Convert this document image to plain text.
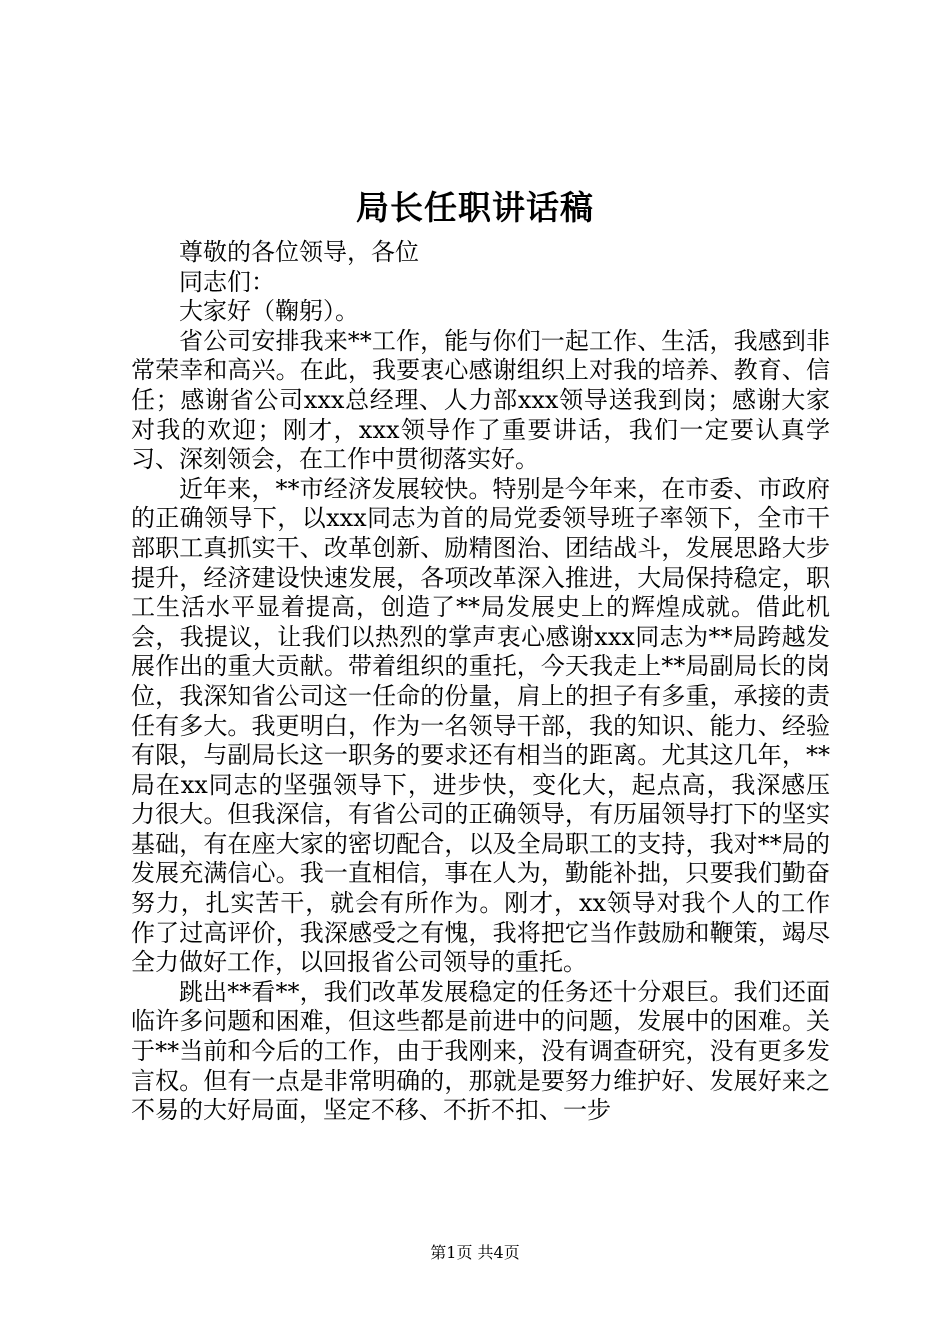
局长任职讲话稿

尊敬的各位领导，各位

同志们：

大家好（鞠躬）。

省公司安排我来**工作，能与你们一起工作、生活，我感到非常荣幸和高兴。在此，我要衷心感谢组织上对我的培养、教育、信任；感谢省公司xxx总经理、人力部xxx领导送我到岗；感谢大家对我的欢迎；刚才，xxx领导作了重要讲话，我们一定要认真学习、深刻领会，在工作中贯彻落实好。

近年来，**市经济发展较快。特别是今年来，在市委、市政府的正确领导下，以xxx同志为首的局党委领导班子率领下，全市干部职工真抓实干、改革创新、励精图治、团结战斗，发展思路大步提升，经济建设快速发展，各项改革深入推进，大局保持稳定，职工生活水平显着提高，创造了**局发展史上的辉煌成就。借此机会，我提议，让我们以热烈的掌声衷心感谢xxx同志为**局跨越发展作出的重大贡献。带着组织的重托，今天我走上**局副局长的岗位，我深知省公司这一任命的份量，肩上的担子有多重，承接的责任有多大。我更明白，作为一名领导干部，我的知识、能力、经验有限，与副局长这一职务的要求还有相当的距离。尤其这几年，**局在xx同志的坚强领导下，进步快，变化大，起点高，我深感压力很大。但我深信，有省公司的正确领导，有历届领导打下的坚实基础，有在座大家的密切配合，以及全局职工的支持，我对**局的发展充满信心。我一直相信，事在人为，勤能补拙，只要我们勤奋努力，扎实苦干，就会有所作为。刚才，xx领导对我个人的工作作了过高评价，我深感受之有愧，我将把它当作鼓励和鞭策，竭尽全力做好工作，以回报省公司领导的重托。

跳出**看**，我们改革发展稳定的任务还十分艰巨。我们还面临许多问题和困难，但这些都是前进中的问题，发展中的困难。关于**当前和今后的工作，由于我刚来，没有调查研究，没有更多发言权。但有一点是非常明确的，那就是要努力维护好、发展好来之不易的大好局面，坚定不移、不折不扣、一步

第1页 共4页
